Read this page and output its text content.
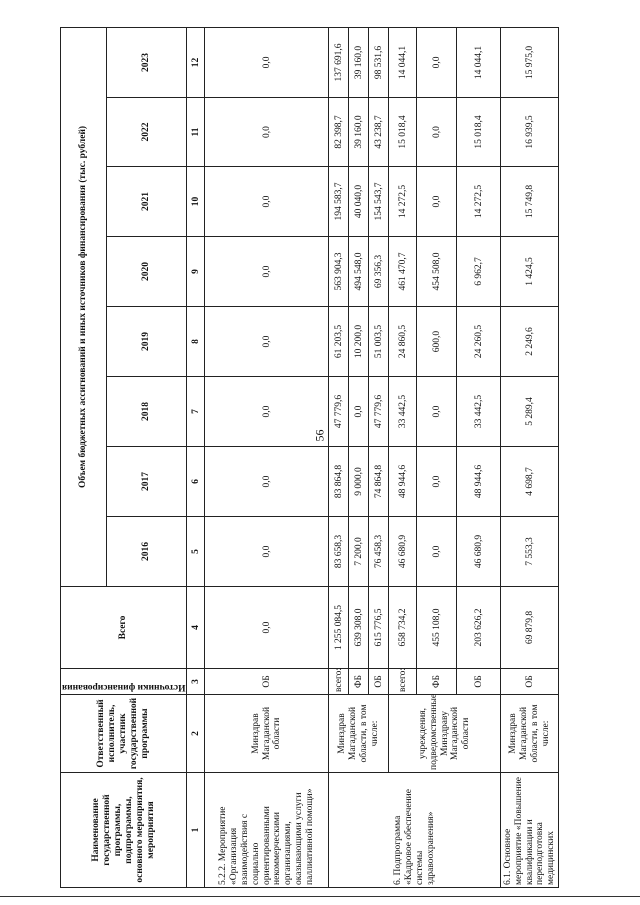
56
Наименование государственной программы, подпрограммы, основного мероприятия, мероприятия	Ответственный исполнитель, участник государственной программы	Источники финансирования	Всего	Объем бюджетных ассигнований и иных источников финансирования (тыс. рублей)							
				2016	2017	2018	2019	2020	2021	2022	2023
1	2	3	4	5	6	7	8	9	10	11	12
5.2.2. Мероприятие «Организация взаимодействия с социально ориентированными некоммерческими организациями, оказывающими услуги паллиативной помощи»	Минздрав Магаданской области	ОБ	0,0	0,0	0,0	0,0	0,0	0,0	0,0	0,0	0,0
6. Подпрограмма «Кадровое обеспечение системы здравоохранения»	Минздрав Магаданской области, в том числе:	всего:	1 255 084,5	83 658,3	83 864,8	47 779,6	61 203,5	563 904,3	194 583,7	82 398,7	137 691,6
		ФБ	639 308,0	7 200,0	9 000,0	0,0	10 200,0	494 548,0	40 040,0	39 160,0	39 160,0
		ОБ	615 776,5	76 458,3	74 864,8	47 779,6	51 003,5	69 356,3	154 543,7	43 238,7	98 531,6
	учреждения, подведомственные Минздраву Магаданской области	всего:	658 734,2	46 680,9	48 944,6	33 442,5	24 860,5	461 470,7	14 272,5	15 018,4	14 044,1
		ФБ	455 108,0	0,0	0,0	0,0	600,0	454 508,0	0,0	0,0	0,0
		ОБ	203 626,2	46 680,9	48 944,6	33 442,5	24 260,5	6 962,7	14 272,5	15 018,4	14 044,1
6.1. Основное мероприятие «Повышение квалификации и переподготовка медицинских	Минздрав Магаданской области, в том числе:	ОБ	69 879,8	7 553,3	4 698,7	5 289,4	2 249,6	1 424,5	15 749,8	16 939,5	15 975,0
